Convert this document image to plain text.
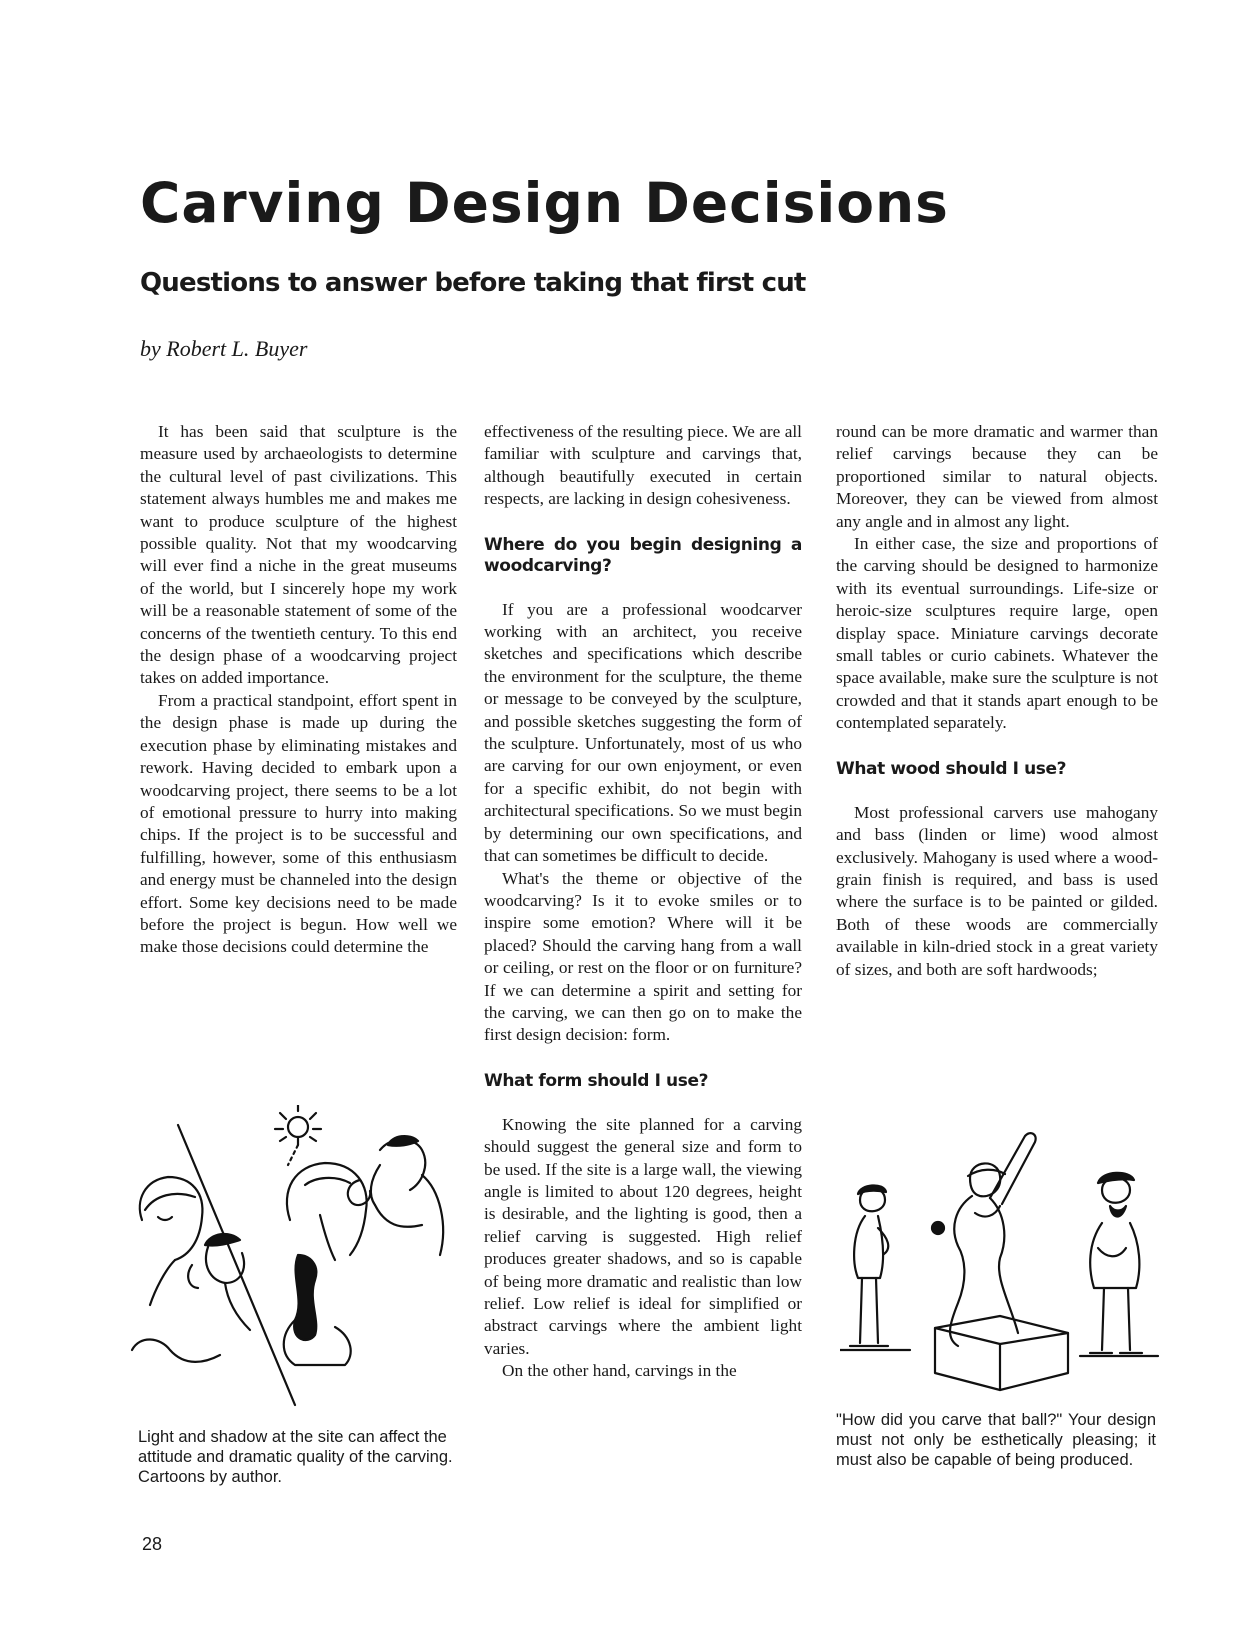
Carving Design Decisions
Questions to answer before taking that first cut

by Robert L. Buyer

It has been said that sculpture is the measure used by archaeologists to determine the cultural level of past civilizations. This statement always humbles me and makes me want to produce sculpture of the highest possible quality. Not that my woodcarving will ever find a niche in the great museums of the world, but I sincerely hope my work will be a reasonable statement of some of the concerns of the twentieth century. To this end the design phase of a woodcarving project takes on added importance.

From a practical standpoint, effort spent in the design phase is made up during the execution phase by eliminating mistakes and rework. Having decided to embark upon a woodcarving project, there seems to be a lot of emotional pressure to hurry into making chips. If the project is to be successful and fulfilling, however, some of this enthusiasm and energy must be channeled into the design effort. Some key decisions need to be made before the project is begun. How well we make those decisions could determine the

effectiveness of the resulting piece. We are all familiar with sculpture and carvings that, although beautifully executed in certain respects, are lacking in design cohesiveness.

Where do you begin designing a woodcarving?

If you are a professional woodcarver working with an architect, you receive sketches and specifications which describe the environment for the sculpture, the theme or message to be conveyed by the sculpture, and possible sketches suggesting the form of the sculpture. Unfortunately, most of us who are carving for our own enjoyment, or even for a specific exhibit, do not begin with architectural specifications. So we must begin by determining our own specifications, and that can sometimes be difficult to decide.

What's the theme or objective of the woodcarving? Is it to evoke smiles or to inspire some emotion? Where will it be placed? Should the carving hang from a wall or ceiling, or rest on the floor or on furniture? If we can determine a spirit and setting for the carving, we can then go on to make the first design decision: form.

What form should I use?

Knowing the site planned for a carving should suggest the general size and form to be used. If the site is a large wall, the viewing angle is limited to about 120 degrees, height is desirable, and the lighting is good, then a relief carving is suggested. High relief produces greater shadows, and so is capable of being more dramatic and realistic than low relief. Low relief is ideal for simplified or abstract carvings where the ambient light varies.

On the other hand, carvings in the

round can be more dramatic and warmer than relief carvings because they can be proportioned similar to natural objects. Moreover, they can be viewed from almost any angle and in almost any light.

In either case, the size and proportions of the carving should be designed to harmonize with its eventual surroundings. Life-size or heroic-size sculptures require large, open display space. Miniature carvings decorate small tables or curio cabinets. Whatever the space available, make sure the sculpture is not crowded and that it stands apart enough to be contemplated separately.

What wood should I use?

Most professional carvers use mahogany and bass (linden or lime) wood almost exclusively. Mahogany is used where a wood-grain finish is required, and bass is used where the surface is to be painted or gilded. Both of these woods are commercially available in kiln-dried stock in a great variety of sizes, and both are soft hardwoods;

Light and shadow at the site can affect the attitude and dramatic quality of the carving. Cartoons by author.

"How did you carve that ball?" Your design must not only be esthetically pleasing; it must also be capable of being produced.

28
